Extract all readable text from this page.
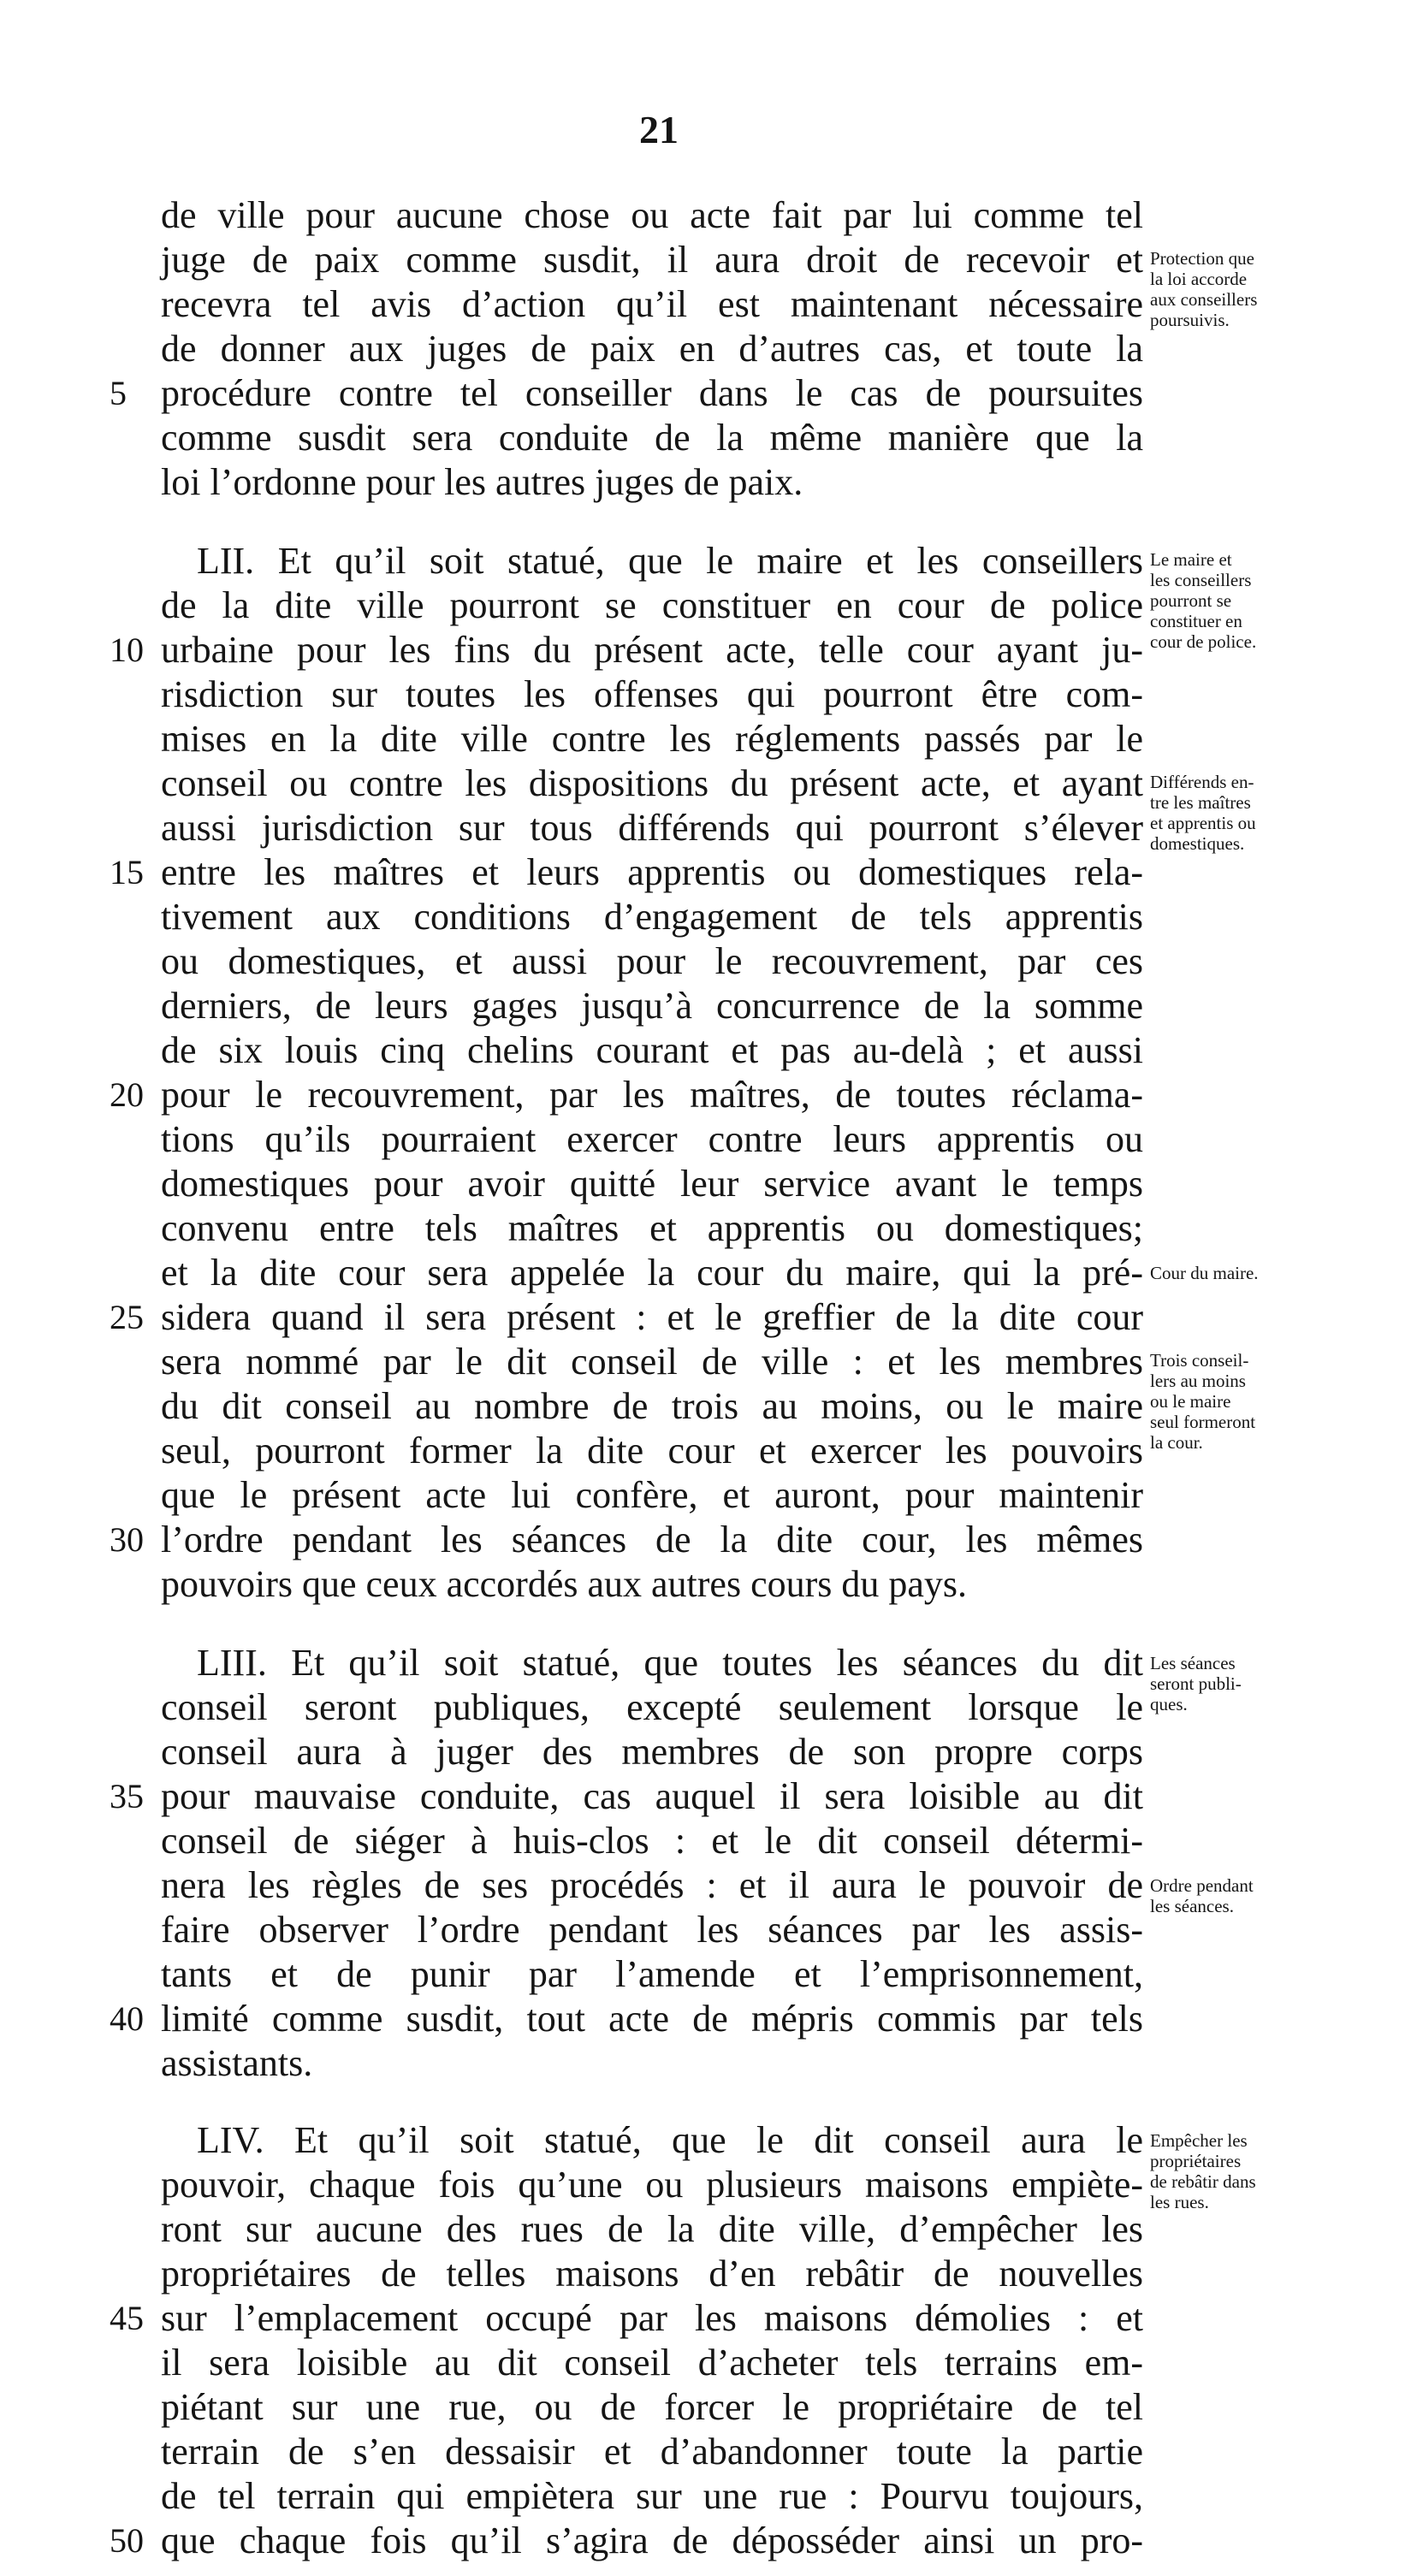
21
de ville pour aucune chose ou acte fait par lui comme tel
juge de paix comme susdit, il aura droit de recevoir et
recevra tel avis d’action qu’il est maintenant nécessaire
de donner aux juges de paix en d’autres cas, et toute la
procédure contre tel conseiller dans le cas de poursuites
comme susdit sera conduite de la même manière que la
loi l’ordonne pour les autres juges de paix.
LII. Et qu’il soit statué, que le maire et les conseillers
de la dite ville pourront se constituer en cour de police
urbaine pour les fins du présent acte, telle cour ayant ju-
risdiction sur toutes les offenses qui pourront être com-
mises en la dite ville contre les réglements passés par le
conseil ou contre les dispositions du présent acte, et ayant
aussi jurisdiction sur tous différends qui pourront s’élever
entre les maîtres et leurs apprentis ou domestiques rela-
tivement aux conditions d’engagement de tels apprentis
ou domestiques, et aussi pour le recouvrement, par ces
derniers, de leurs gages jusqu’à concurrence de la somme
de six louis cinq chelins courant et pas au-delà ; et aussi
pour le recouvrement, par les maîtres, de toutes réclama-
tions qu’ils pourraient exercer contre leurs apprentis ou
domestiques pour avoir quitté leur service avant le temps
convenu entre tels maîtres et apprentis ou domestiques;
et la dite cour sera appelée la cour du maire, qui la pré-
sidera quand il sera présent : et le greffier de la dite cour
sera nommé par le dit conseil de ville : et les membres
du dit conseil au nombre de trois au moins, ou le maire
seul, pourront former la dite cour et exercer les pouvoirs
que le présent acte lui confère, et auront, pour maintenir
l’ordre pendant les séances de la dite cour, les mêmes
pouvoirs que ceux accordés aux autres cours du pays.
LIII. Et qu’il soit statué, que toutes les séances du dit
conseil seront publiques, excepté seulement lorsque le
conseil aura à juger des membres de son propre corps
pour mauvaise conduite, cas auquel il sera loisible au dit
conseil de siéger à huis-clos : et le dit conseil détermi-
nera les règles de ses procédés : et il aura le pouvoir de
faire observer l’ordre pendant les séances par les assis-
tants et de punir par l’amende et l’emprisonnement,
limité comme susdit, tout acte de mépris commis par tels
assistants.
LIV. Et qu’il soit statué, que le dit conseil aura le
pouvoir, chaque fois qu’une ou plusieurs maisons empiète-
ront sur aucune des rues de la dite ville, d’empêcher les
propriétaires de telles maisons d’en rebâtir de nouvelles
sur l’emplacement occupé par les maisons démolies : et
il sera loisible au dit conseil d’acheter tels terrains em-
piétant sur une rue, ou de forcer le propriétaire de tel
terrain de s’en dessaisir et d’abandonner toute la partie
de tel terrain qui empiètera sur une rue : Pourvu toujours,
que chaque fois qu’il s’agira de déposséder ainsi un pro-
5
10
15
20
25
30
35
40
45
50
Protection que
la loi accorde
aux conseillers
poursuivis.
Le maire et
les conseillers
pourront se
constituer en
cour de police.
Différends en-
tre les maîtres
et apprentis ou
domestiques.
Cour du maire.
Trois conseil-
lers au moins
ou le maire
seul formeront
la cour.
Les séances
seront publi-
ques.
Ordre pendant
les séances.
Empêcher les
propriétaires
de rebâtir dans
les rues.
